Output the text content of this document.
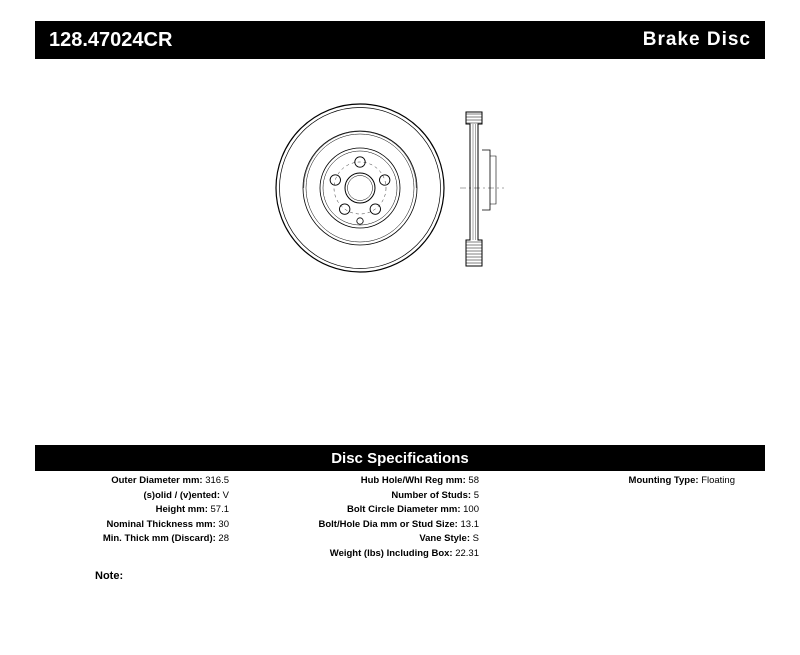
128.47024CR	Brake Disc
Disc Specifications
Outer Diameter mm: 316.5
(s)olid / (v)ented: V
Height mm: 57.1
Nominal Thickness mm: 30
Min. Thick mm (Discard): 28
Hub Hole/Whl Reg mm: 58
Number of Studs: 5
Bolt Circle Diameter mm: 100
Bolt/Hole Dia mm or Stud Size: 13.1
Vane Style: S
Weight (lbs) Including Box: 22.31
Mounting Type: Floating
Note:
